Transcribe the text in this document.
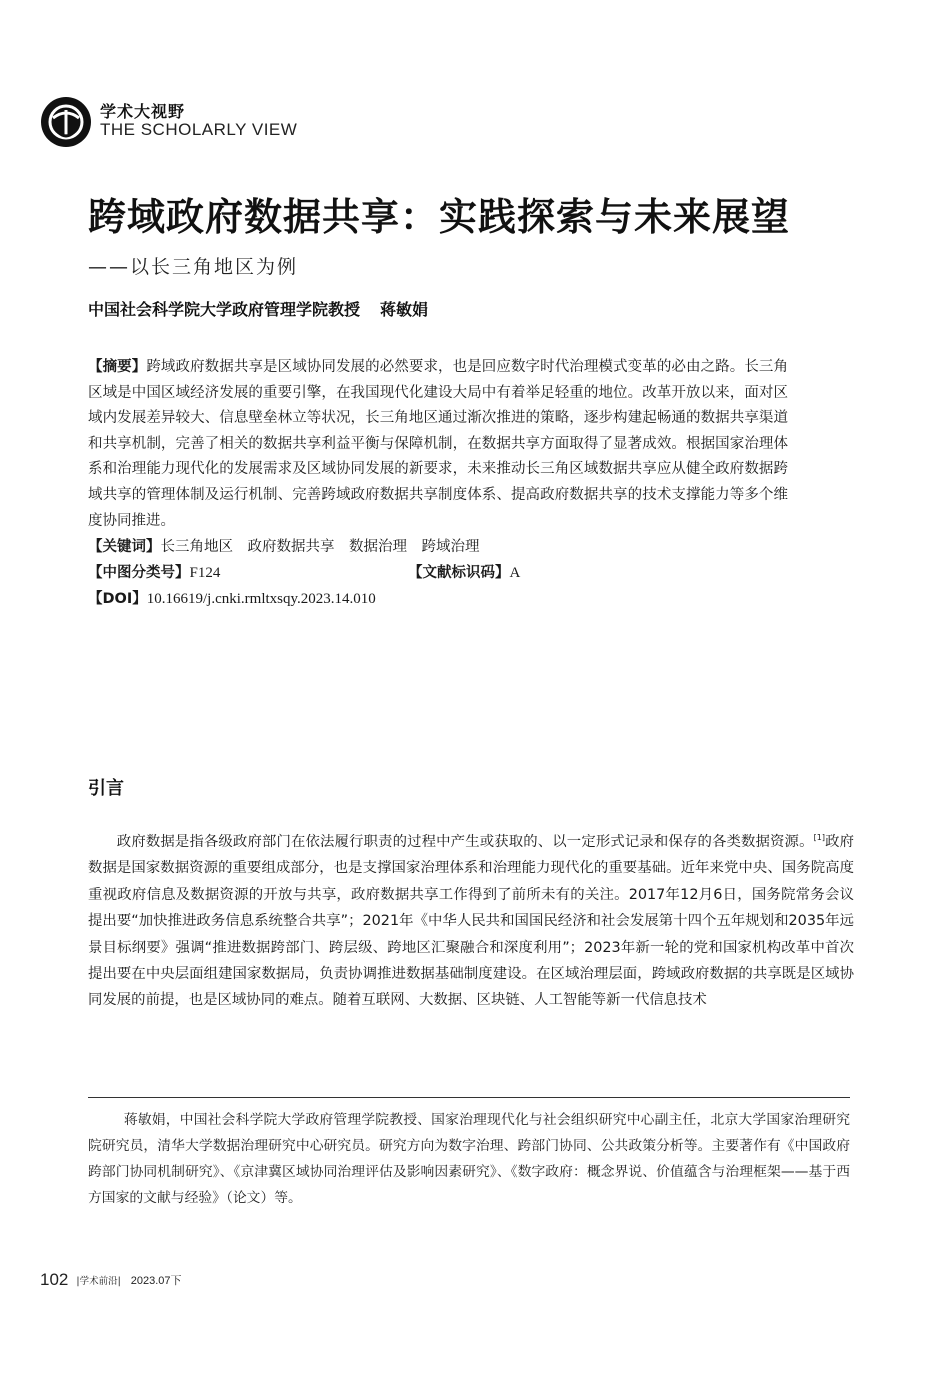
学术大视野
THE SCHOLARLY VIEW
跨域政府数据共享：实践探索与未来展望
——以长三角地区为例
中国社会科学院大学政府管理学院教授 蒋敏娟

【摘要】跨域政府数据共享是区域协同发展的必然要求，也是回应数字时代治理模式变革的必由之路。长三角区域是中国区域经济发展的重要引擎，在我国现代化建设大局中有着举足轻重的地位。改革开放以来，面对区域内发展差异较大、信息壁垒林立等状况，长三角地区通过渐次推进的策略，逐步构建起畅通的数据共享渠道和共享机制，完善了相关的数据共享利益平衡与保障机制，在数据共享方面取得了显著成效。根据国家治理体系和治理能力现代化的发展需求及区域协同发展的新要求，未来推动长三角区域数据共享应从健全政府数据跨域共享的管理体制及运行机制、完善跨域政府数据共享制度体系、提高政府数据共享的技术支撑能力等多个维度协同推进。

【关键词】长三角地区　政府数据共享　数据治理　跨域治理

【中图分类号】F124	【文献标识码】A

【DOI】10.16619/j.cnki.rmltxsqy.2023.14.010

引言

政府数据是指各级政府部门在依法履行职责的过程中产生或获取的、以一定形式记录和保存的各类数据资源。[1]政府数据是国家数据资源的重要组成部分，也是支撑国家治理体系和治理能力现代化的重要基础。近年来党中央、国务院高度重视政府信息及数据资源的开放与共享，政府数据共享工作得到了前所未有的关注。2017年12月6日，国务院常务会议提出要“加快推进政务信息系统整合共享”；2021年《中华人民共和国国民经济和社会发展第十四个五年规划和2035年远景目标纲要》强调“推进数据跨部门、跨层级、跨地区汇聚融合和深度利用”；2023年新一轮的党和国家机构改革中首次提出要在中央层面组建国家数据局，负责协调推进数据基础制度建设。在区域治理层面，跨域政府数据的共享既是区域协同发展的前提，也是区域协同的难点。随着互联网、大数据、区块链、人工智能等新一代信息技术

蒋敏娟，中国社会科学院大学政府管理学院教授、国家治理现代化与社会组织研究中心副主任，北京大学国家治理研究院研究员，清华大学数据治理研究中心研究员。研究方向为数字治理、跨部门协同、公共政策分析等。主要著作有《中国政府跨部门协同机制研究》、《京津冀区域协同治理评估及影响因素研究》、《数字政府：概念界说、价值蕴含与治理框架——基于西方国家的文献与经验》（论文）等。

102 |学术前沿| 2023.07下
